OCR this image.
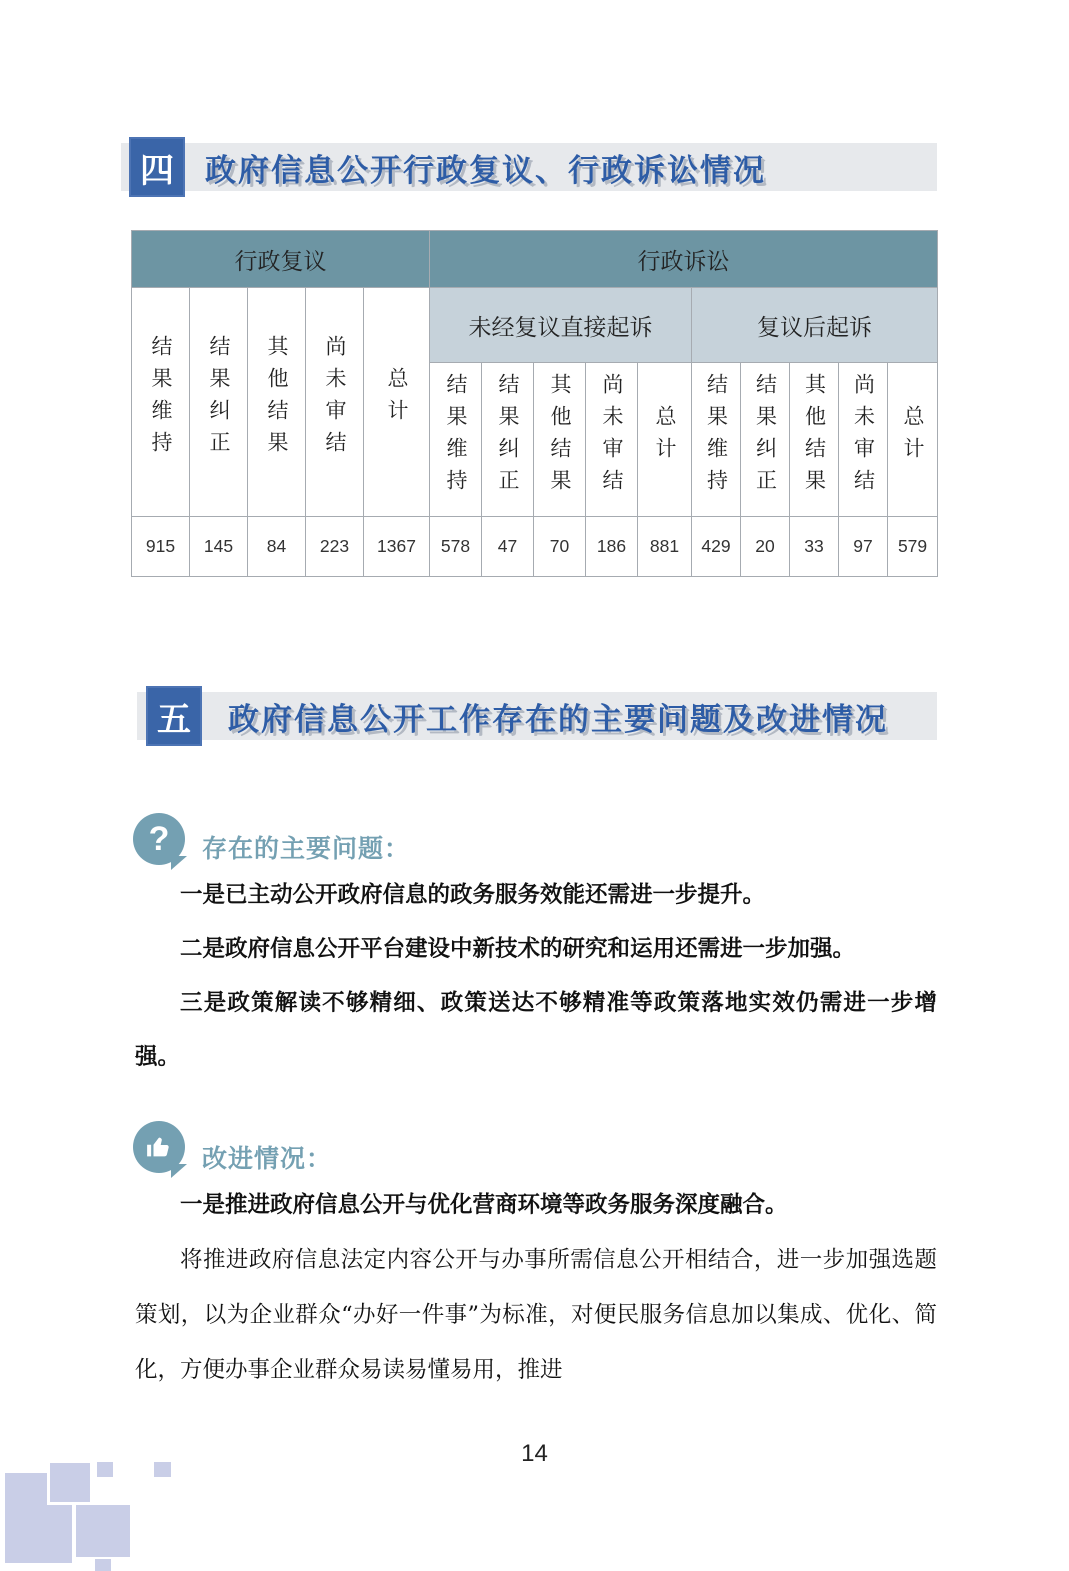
四 政府信息公开行政复议、行政诉讼情况
行政复议					行政诉讼									
结果维持	结果纠正	其他结果	尚未审结	总计	未经复议直接起诉					复议后起诉				
					结果维持	结果纠正	其他结果	尚未审结	总计	结果维持	结果纠正	其他结果	尚未审结	总计
915	145	84	223	1367	578	47	70	186	881	429	20	33	97	579
五 政府信息公开工作存在的主要问题及改进情况
? 存在的主要问题：

一是已主动公开政府信息的政务服务效能还需进一步提升。

二是政府信息公开平台建设中新技术的研究和运用还需进一步加强。

三是政策解读不够精细、政策送达不够精准等政策落地实效仍需进一步增强。

改进情况：

一是推进政府信息公开与优化营商环境等政务服务深度融合。

将推进政府信息法定内容公开与办事所需信息公开相结合，进一步加强选题策划，以为企业群众“办好一件事”为标准，对便民服务信息加以集成、优化、简化，方便办事企业群众易读易懂易用，推进

14
